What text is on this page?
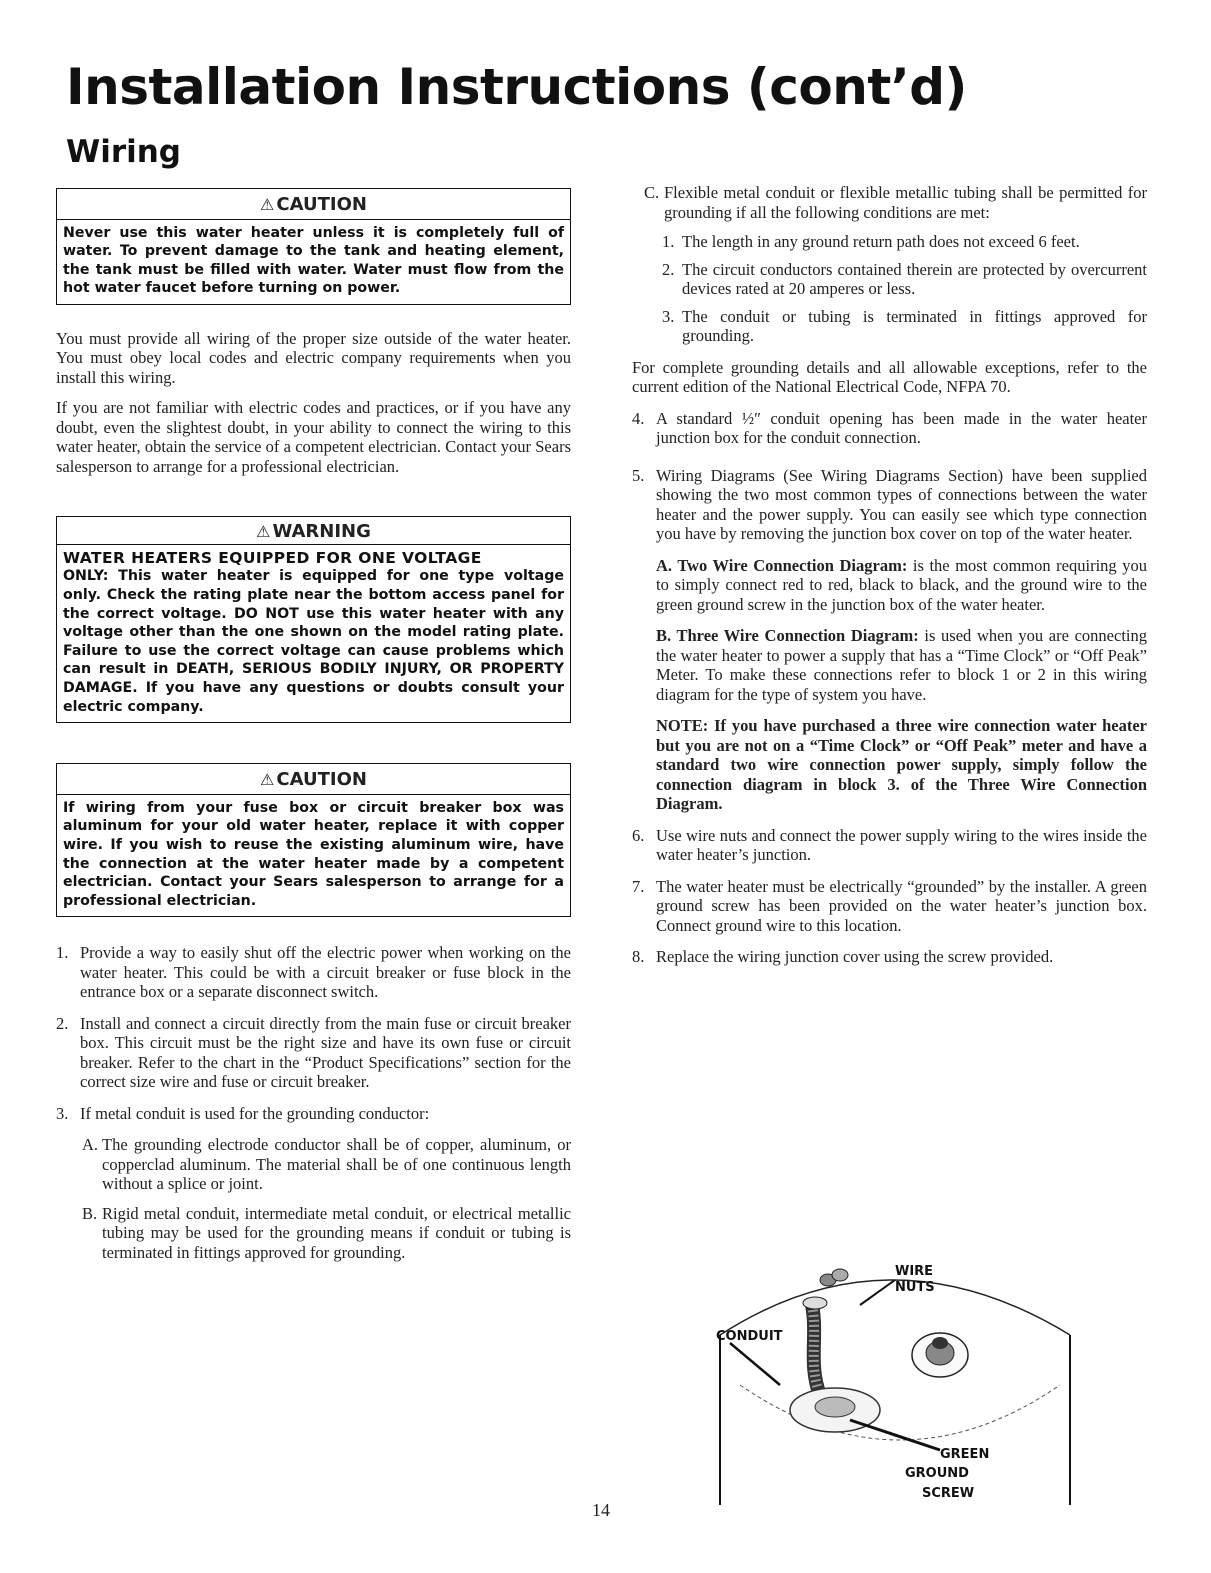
Installation Instructions (cont’d)
Wiring
⚠ CAUTION
Never use this water heater unless it is completely full of water. To prevent damage to the tank and heating element, the tank must be filled with water. Water must flow from the hot water faucet before turning on power.

You must provide all wiring of the proper size outside of the water heater. You must obey local codes and electric company requirements when you install this wiring.

If you are not familiar with electric codes and practices, or if you have any doubt, even the slightest doubt, in your ability to connect the wiring to this water heater, obtain the service of a competent electrician. Contact your Sears salesperson to arrange for a professional electrician.

⚠ WARNING
WATER HEATERS EQUIPPED FOR ONE VOLTAGE
ONLY: This water heater is equipped for one type voltage only. Check the rating plate near the bottom access panel for the correct voltage. DO NOT use this water heater with any voltage other than the one shown on the model rating plate. Failure to use the correct voltage can cause problems which can result in DEATH, SERIOUS BODILY INJURY, OR PROPERTY DAMAGE. If you have any questions or doubts consult your electric company.
⚠ CAUTION
If wiring from your fuse box or circuit breaker box was aluminum for your old water heater, replace it with copper wire. If you wish to reuse the existing aluminum wire, have the connection at the water heater made by a competent electrician. Contact your Sears salesperson to arrange for a professional electrician.
1. Provide a way to easily shut off the electric power when working on the water heater. This could be with a circuit breaker or fuse block in the entrance box or a separate disconnect switch.
2. Install and connect a circuit directly from the main fuse or circuit breaker box. This circuit must be the right size and have its own fuse or circuit breaker. Refer to the chart in the “Product Specifications” section for the correct size wire and fuse or circuit breaker.
3. If metal conduit is used for the grounding conductor:
A. The grounding electrode conductor shall be of copper, aluminum, or copperclad aluminum. The material shall be of one continuous length without a splice or joint.
B. Rigid metal conduit, intermediate metal conduit, or electrical metallic tubing may be used for the grounding means if conduit or tubing is terminated in fittings approved for grounding.
C. Flexible metal conduit or flexible metallic tubing shall be permitted for grounding if all the following conditions are met:
1. The length in any ground return path does not exceed 6 feet.
2. The circuit conductors contained therein are protected by overcurrent devices rated at 20 amperes or less.
3. The conduit or tubing is terminated in fittings approved for grounding.

For complete grounding details and all allowable exceptions, refer to the current edition of the National Electrical Code, NFPA 70.

4. A standard ½″ conduit opening has been made in the water heater junction box for the conduit connection.
5. Wiring Diagrams (See Wiring Diagrams Section) have been supplied showing the two most common types of connections between the water heater and the power supply. You can easily see which type connection you have by removing the junction box cover on top of the water heater.

A. Two Wire Connection Diagram: is the most common requiring you to simply connect red to red, black to black, and the ground wire to the green ground screw in the junction box of the water heater.

B. Three Wire Connection Diagram: is used when you are connecting the water heater to power a supply that has a “Time Clock” or “Off Peak” Meter. To make these connections refer to block 1 or 2 in this wiring diagram for the type of system you have.

NOTE: If you have purchased a three wire connection water heater but you are not on a “Time Clock” or “Off Peak” meter and have a standard two wire connection power supply, simply follow the connection diagram in block 3. of the Three Wire Connection Diagram.

6. Use wire nuts and connect the power supply wiring to the wires inside the water heater’s junction.
7. The water heater must be electrically “grounded” by the installer. A green ground screw has been provided on the water heater’s junction box. Connect ground wire to this location.
8. Replace the wiring junction cover using the screw provided.
WIRE
NUTS
CONDUIT
GREEN
GROUND
SCREW
14
